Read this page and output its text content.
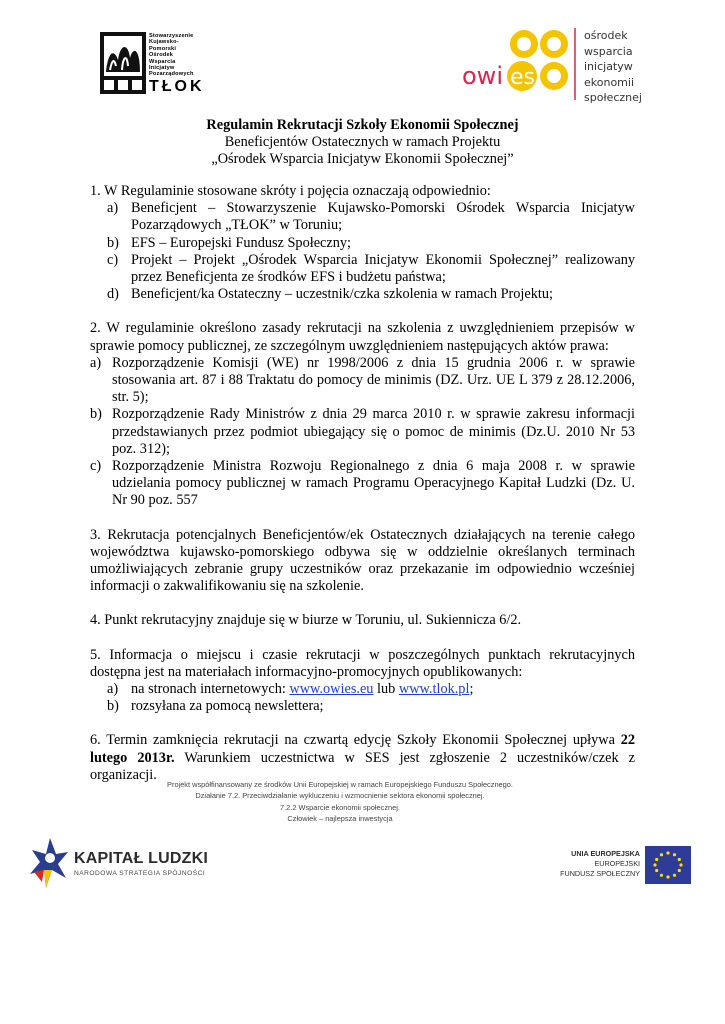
Stowarzyszenie
Kujawsko-
Pomorski
Ośrodek
Wsparcia
Inicjatyw
Pozarządowych
TŁOK	owi es
ośrodek
wsparcia
inicjatyw
ekonomii
społecznej
Regulamin Rekrutacji Szkoły Ekonomii Społecznej
Beneficjentów Ostatecznych w ramach Projektu
„Ośrodek Wsparcia Inicjatyw Ekonomii Społecznej”

1. W Regulaminie stosowane skróty i pojęcia oznaczają odpowiednio:

a) Beneficjent – Stowarzyszenie Kujawsko-Pomorski Ośrodek Wsparcia Inicjatyw Pozarządowych „TŁOK” w Toruniu;
b) EFS – Europejski Fundusz Społeczny;
c) Projekt – Projekt „Ośrodek Wsparcia Inicjatyw Ekonomii Społecznej” realizowany przez Beneficjenta ze środków EFS i budżetu państwa;
d) Beneficjent/ka Ostateczny – uczestnik/czka szkolenia w ramach Projektu;

2. W regulaminie określono zasady rekrutacji na szkolenia z uwzględnieniem przepisów w sprawie pomocy publicznej, ze szczególnym uwzględnieniem następujących aktów prawa:

a) Rozporządzenie Komisji (WE) nr 1998/2006 z dnia 15 grudnia 2006 r. w sprawie stosowania art. 87 i 88 Traktatu do pomocy de minimis (DZ. Urz. UE L 379 z 28.12.2006, str. 5);
b) Rozporządzenie Rady Ministrów z dnia 29 marca 2010 r. w sprawie zakresu informacji przedstawianych przez podmiot ubiegający się o pomoc de minimis (Dz.U. 2010 Nr 53 poz. 312);
c) Rozporządzenie Ministra Rozwoju Regionalnego z dnia 6 maja 2008 r. w sprawie udzielania pomocy publicznej w ramach Programu Operacyjnego Kapitał Ludzki (Dz. U. Nr 90 poz. 557

3. Rekrutacja potencjalnych Beneficjentów/ek Ostatecznych działających na terenie całego województwa kujawsko-pomorskiego odbywa się w oddzielnie określanych terminach umożliwiających zebranie grupy uczestników oraz przekazanie im odpowiednio wcześniej informacji o zakwalifikowaniu się na szkolenie.

4. Punkt rekrutacyjny znajduje się w biurze w Toruniu, ul. Sukiennicza 6/2.

5. Informacja o miejscu i czasie rekrutacji w poszczególnych punktach rekrutacyjnych dostępna jest na materiałach informacyjno-promocyjnych opublikowanych:

a) na stronach internetowych: www.owies.eu lub www.tlok.pl;
b) rozsyłana za pomocą newslettera;

6. Termin zamknięcia rekrutacji na czwartą edycję Szkoły Ekonomii Społecznej upływa 22 lutego 2013r. Warunkiem uczestnictwa w SES jest zgłoszenie 2 uczestników/czek z organizacji.

Projekt współfinansowany ze środków Unii Europejskiej w ramach Europejskiego Funduszu Społecznego.
Działanie 7.2. Przeciwdziałanie wykluczeniu i wzmocnienie sektora ekonomii społecznej.
7.2.2 Wsparcie ekonomii społecznej.
Człowiek – najlepsza inwestycja
KAPITAŁ LUDZKI
NARODOWA STRATEGIA SPÓJNOŚCI
UNIA EUROPEJSKA
EUROPEJSKI
FUNDUSZ SPOŁECZNY
